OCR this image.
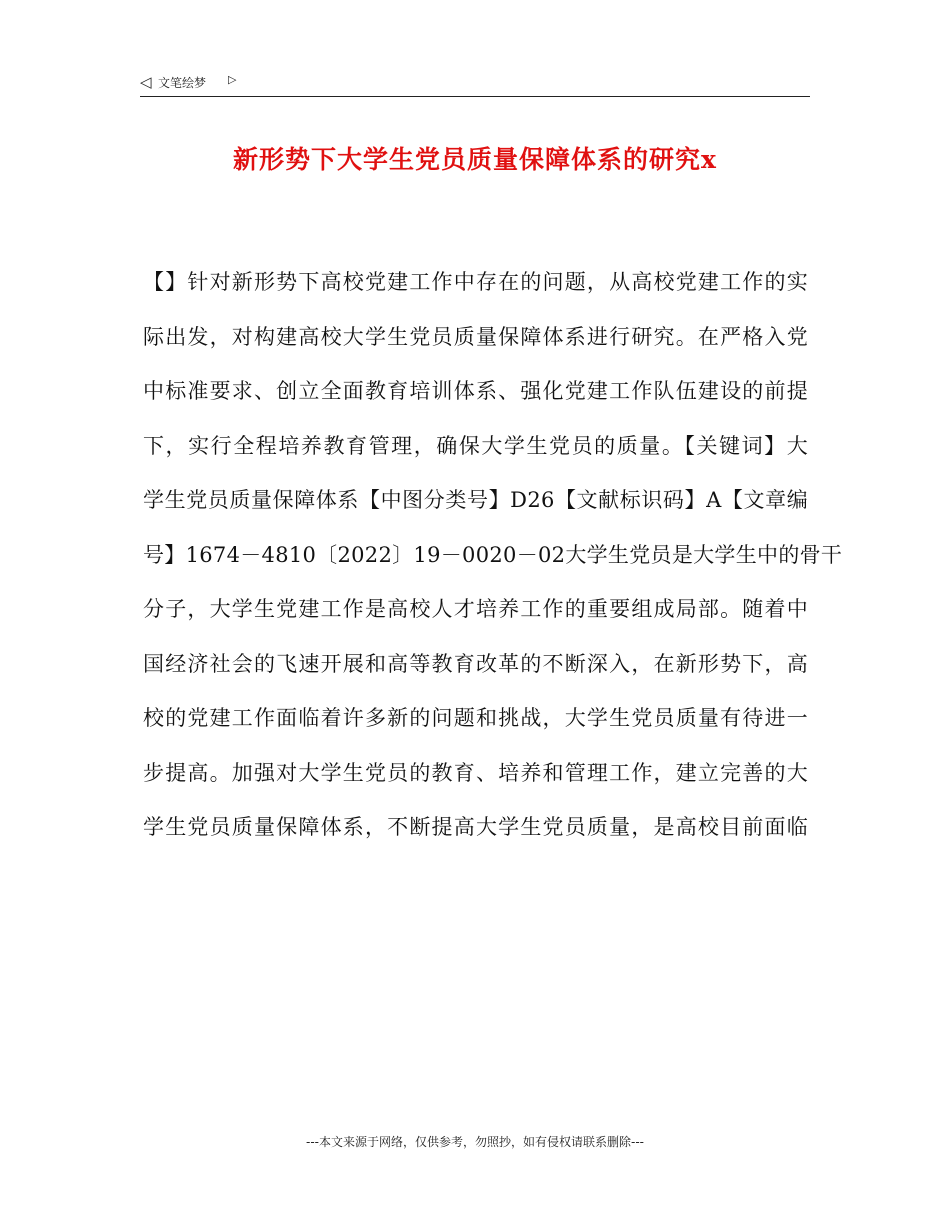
◁ 文笔绘梦 ▷
新形势下大学生党员质量保障体系的研究x
【】针对新形势下高校党建工作中存在的问题，从高校党建工作的实
际出发，对构建高校大学生党员质量保障体系进行研究。在严格入党
中标准要求、创立全面教育培训体系、强化党建工作队伍建设的前提
下，实行全程培养教育管理，确保大学生党员的质量。【关键词】大
学生党员质量保障体系【中图分类号】D26【文献标识码】A【文章编
号】1674－4810〔2022〕19－0020－02大学生党员是大学生中的骨干
分子，大学生党建工作是高校人才培养工作的重要组成局部。随着中
国经济社会的飞速开展和高等教育改革的不断深入，在新形势下，高
校的党建工作面临着许多新的问题和挑战，大学生党员质量有待进一
步提高。加强对大学生党员的教育、培养和管理工作，建立完善的大
学生党员质量保障体系，不断提高大学生党员质量，是高校目前面临
---本文来源于网络，仅供参考，勿照抄，如有侵权请联系删除---
